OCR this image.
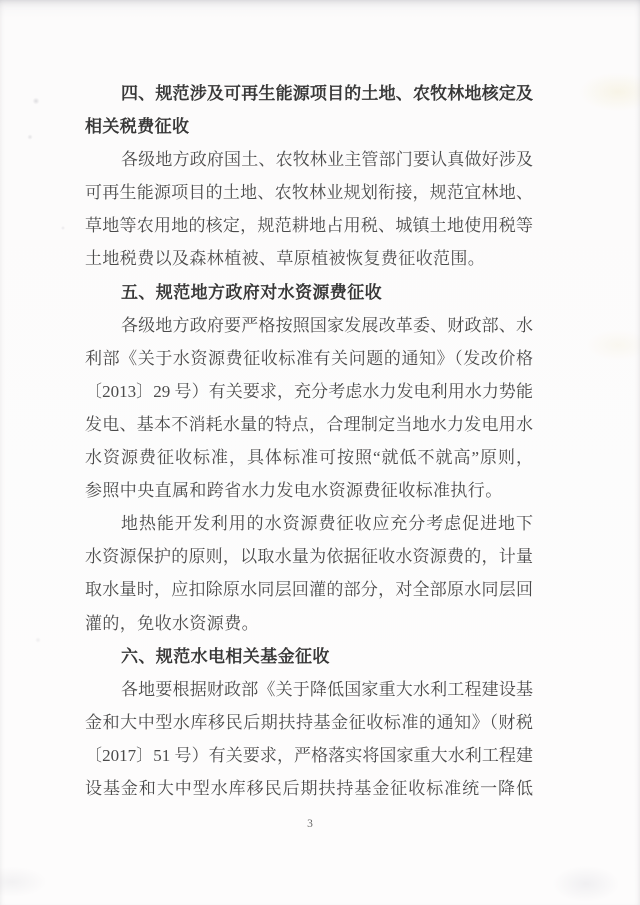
四、规范涉及可再生能源项目的土地、农牧林地核定及
相关税费征收
各级地方政府国土、农牧林业主管部门要认真做好涉及
可再生能源项目的土地、农牧林业规划衔接，规范宜林地、
草地等农用地的核定，规范耕地占用税、城镇土地使用税等
土地税费以及森林植被、草原植被恢复费征收范围。
五、规范地方政府对水资源费征收
各级地方政府要严格按照国家发展改革委、财政部、水
利部《关于水资源费征收标准有关问题的通知》（发改价格
〔2013〕29 号）有关要求，充分考虑水力发电利用水力势能
发电、基本不消耗水量的特点，合理制定当地水力发电用水
水资源费征收标准，具体标准可按照“就低不就高”原则，
参照中央直属和跨省水力发电水资源费征收标准执行。
地热能开发利用的水资源费征收应充分考虑促进地下
水资源保护的原则，以取水量为依据征收水资源费的，计量
取水量时，应扣除原水同层回灌的部分，对全部原水同层回
灌的，免收水资源费。
六、规范水电相关基金征收
各地要根据财政部《关于降低国家重大水利工程建设基
金和大中型水库移民后期扶持基金征收标准的通知》（财税
〔2017〕51 号）有关要求，严格落实将国家重大水利工程建
设基金和大中型水库移民后期扶持基金征收标准统一降低
3
